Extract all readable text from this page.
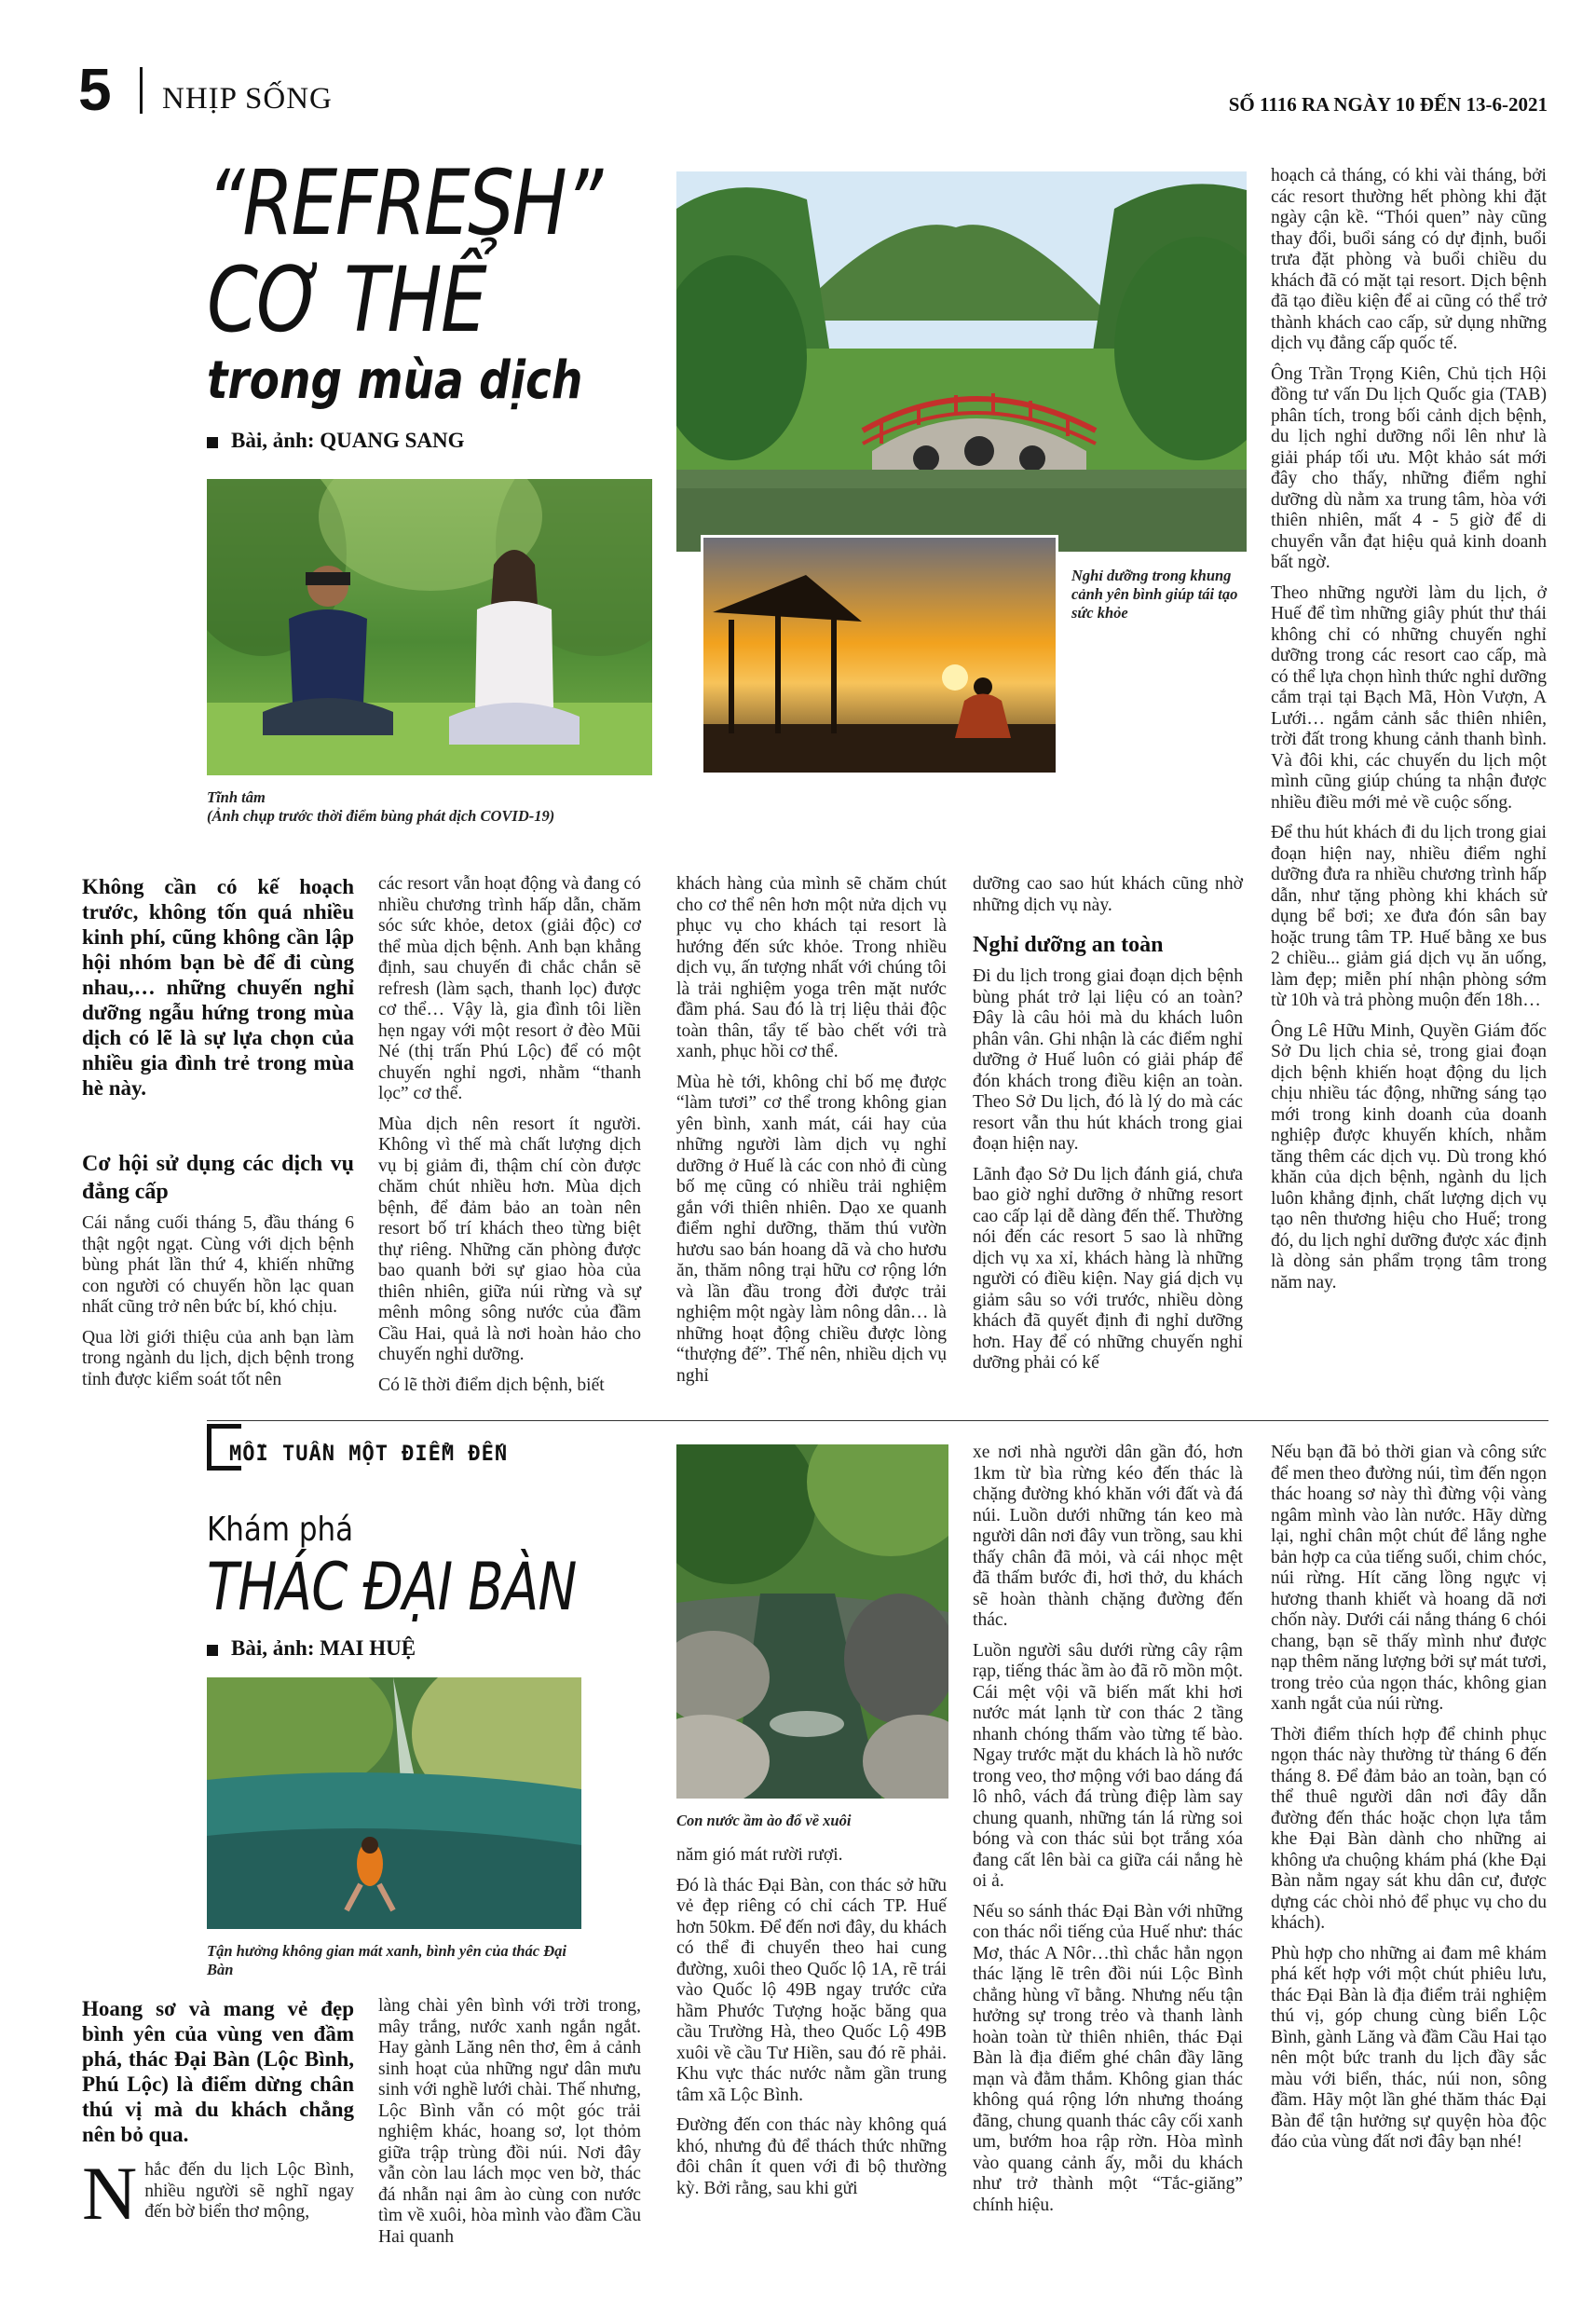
5 NHỊP SỐNG	SỐ 1116 RA NGÀY 10 ĐẾN 13-6-2021
“REFRESH”
CƠ THỂ
trong mùa dịch
Bài, ảnh: QUANG SANG
Tĩnh tâm
(Ảnh chụp trước thời điểm bùng phát dịch COVID-19)
Nghỉ dưỡng trong khung cảnh yên bình giúp tái tạo sức khỏe

hoạch cả tháng, có khi vài tháng, bởi các resort thường hết phòng khi đặt ngày cận kề. “Thói quen” này cũng thay đổi, buổi sáng có dự định, buổi trưa đặt phòng và buổi chiều du khách đã có mặt tại resort. Dịch bệnh đã tạo điều kiện để ai cũng có thể trở thành khách cao cấp, sử dụng những dịch vụ đẳng cấp quốc tế.

Ông Trần Trọng Kiên, Chủ tịch Hội đồng tư vấn Du lịch Quốc gia (TAB) phân tích, trong bối cảnh dịch bệnh, du lịch nghỉ dưỡng nổi lên như là giải pháp tối ưu. Một khảo sát mới đây cho thấy, những điểm nghỉ dưỡng dù nằm xa trung tâm, hòa với thiên nhiên, mất 4 - 5 giờ để di chuyển vẫn đạt hiệu quả kinh doanh bất ngờ.

Theo những người làm du lịch, ở Huế để tìm những giây phút thư thái không chỉ có những chuyến nghỉ dưỡng trong các resort cao cấp, mà có thể lựa chọn hình thức nghỉ dưỡng cắm trại tại Bạch Mã, Hòn Vượn, A Lưới… ngắm cảnh sắc thiên nhiên, trời đất trong khung cảnh thanh bình. Và đôi khi, các chuyến du lịch một mình cũng giúp chúng ta nhận được nhiều điều mới mẻ về cuộc sống.

Để thu hút khách đi du lịch trong giai đoạn hiện nay, nhiều điểm nghỉ dưỡng đưa ra nhiều chương trình hấp dẫn, như tặng phòng khi khách sử dụng bể bơi; xe đưa đón sân bay hoặc trung tâm TP. Huế bằng xe bus 2 chiều... giảm giá dịch vụ ăn uống, làm đẹp; miễn phí nhận phòng sớm từ 10h và trả phòng muộn đến 18h…

Ông Lê Hữu Minh, Quyền Giám đốc Sở Du lịch chia sẻ, trong giai đoạn dịch bệnh khiến hoạt động du lịch chịu nhiều tác động, những sáng tạo mới trong kinh doanh của doanh nghiệp được khuyến khích, nhằm tăng thêm các dịch vụ. Dù trong khó khăn của dịch bệnh, ngành du lịch luôn khẳng định, chất lượng dịch vụ tạo nên thương hiệu cho Huế; trong đó, du lịch nghỉ dưỡng được xác định là dòng sản phẩm trọng tâm trong năm nay.

Không cần có kế hoạch trước, không tốn quá nhiều kinh phí, cũng không cần lập hội nhóm bạn bè để đi cùng nhau,… những chuyến nghỉ dưỡng ngẫu hứng trong mùa dịch có lẽ là sự lựa chọn của nhiều gia đình trẻ trong mùa hè này.
Cơ hội sử dụng các dịch vụ đẳng cấp

Cái nắng cuối tháng 5, đầu tháng 6 thật ngột ngạt. Cùng với dịch bệnh bùng phát lần thứ 4, khiến những con người có chuyến hồn lạc quan nhất cũng trở nên bức bí, khó chịu.

Qua lời giới thiệu của anh bạn làm trong ngành du lịch, dịch bệnh trong tỉnh được kiểm soát tốt nên

các resort vẫn hoạt động và đang có nhiều chương trình hấp dẫn, chăm sóc sức khỏe, detox (giải độc) cơ thể mùa dịch bệnh. Anh bạn khẳng định, sau chuyến đi chắc chắn sẽ refresh (làm sạch, thanh lọc) được cơ thể… Vậy là, gia đình tôi liền hẹn ngay với một resort ở đèo Mũi Né (thị trấn Phú Lộc) để có một chuyến nghỉ ngơi, nhằm “thanh lọc” cơ thể.

Mùa dịch nên resort ít người. Không vì thế mà chất lượng dịch vụ bị giảm đi, thậm chí còn được chăm chút nhiều hơn. Mùa dịch bệnh, để đảm bảo an toàn nên resort bố trí khách theo từng biệt thự riêng. Những căn phòng được bao quanh bởi sự giao hòa của thiên nhiên, giữa núi rừng và sự mênh mông sông nước của đầm Cầu Hai, quả là nơi hoàn hảo cho chuyến nghỉ dưỡng.

Có lẽ thời điểm dịch bệnh, biết

khách hàng của mình sẽ chăm chút cho cơ thể nên hơn một nửa dịch vụ phục vụ cho khách tại resort là hướng đến sức khỏe. Trong nhiều dịch vụ, ấn tượng nhất với chúng tôi là trải nghiệm yoga trên mặt nước đầm phá. Sau đó là trị liệu thải độc toàn thân, tẩy tế bào chết với trà xanh, phục hồi cơ thể.

Mùa hè tới, không chỉ bố mẹ được “làm tươi” cơ thể trong không gian yên bình, xanh mát, cái hay của những người làm dịch vụ nghỉ dưỡng ở Huế là các con nhỏ đi cùng bố mẹ cũng có nhiều trải nghiệm gắn với thiên nhiên. Dạo xe quanh điểm nghỉ dưỡng, thăm thú vườn hươu sao bán hoang dã và cho hươu ăn, thăm nông trại hữu cơ rộng lớn và lần đầu trong đời được trải nghiệm một ngày làm nông dân… là những hoạt động chiều được lòng “thượng đế”. Thế nên, nhiều dịch vụ nghỉ

dưỡng cao sao hút khách cũng nhờ những dịch vụ này.

Nghỉ dưỡng an toàn

Đi du lịch trong giai đoạn dịch bệnh bùng phát trở lại liệu có an toàn? Đây là câu hỏi mà du khách luôn phân vân. Ghi nhận là các điểm nghỉ dưỡng ở Huế luôn có giải pháp để đón khách trong điều kiện an toàn. Theo Sở Du lịch, đó là lý do mà các resort vẫn thu hút khách trong giai đoạn hiện nay.

Lãnh đạo Sở Du lịch đánh giá, chưa bao giờ nghỉ dưỡng ở những resort cao cấp lại dễ dàng đến thế. Thường nói đến các resort 5 sao là những dịch vụ xa xỉ, khách hàng là những người có điều kiện. Nay giá dịch vụ giảm sâu so với trước, nhiều dòng khách đã quyết định đi nghỉ dưỡng hơn. Hay để có những chuyến nghỉ dưỡng phải có kế

MỖI TUẦN MỘT ĐIỂM ĐẾN
Khám phá
THÁC ĐẠI BÀN
Bài, ảnh: MAI HUỆ
Tận hưởng không gian mát xanh, bình yên của thác Đại Bàn
Con nước ầm ào đổ về xuôi
Hoang sơ và mang vẻ đẹp bình yên của vùng ven đầm phá, thác Đại Bàn (Lộc Bình, Phú Lộc) là điểm dừng chân thú vị mà du khách chẳng nên bỏ qua.
Nhắc đến du lịch Lộc Bình, nhiều người sẽ nghĩ ngay đến bờ biển thơ mộng,

làng chài yên bình với trời trong, mây trắng, nước xanh ngắn ngắt. Hay gành Lăng nên thơ, êm ả cảnh sinh hoạt của những ngư dân mưu sinh với nghề lưới chài. Thế nhưng, Lộc Bình vẫn có một góc trải nghiệm khác, hoang sơ, lọt thỏm giữa trập trùng đồi núi. Nơi đây vẫn còn lau lách mọc ven bờ, thác đá nhẫn nại âm ào cùng con nước tìm về xuôi, hòa mình vào đầm Cầu Hai quanh

năm gió mát rười rượi.

Đó là thác Đại Bàn, con thác sở hữu vẻ đẹp riêng có chỉ cách TP. Huế hơn 50km. Để đến nơi đây, du khách có thể đi chuyển theo hai cung đường, xuôi theo Quốc lộ 1A, rẽ trái vào Quốc lộ 49B ngay trước cửa hầm Phước Tượng hoặc băng qua cầu Trường Hà, theo Quốc Lộ 49B xuôi về cầu Tư Hiền, sau đó rẽ phải. Khu vực thác nước nằm gần trung tâm xã Lộc Bình.

Đường đến con thác này không quá khó, nhưng đủ để thách thức những đôi chân ít quen với đi bộ thường kỳ. Bởi rằng, sau khi gửi

xe nơi nhà người dân gần đó, hơn 1km từ bìa rừng kéo đến thác là chặng đường khó khăn với đất và đá núi. Luồn dưới những tán keo mà người dân nơi đây vun trồng, sau khi thấy chân đã mỏi, và cái nhọc mệt đã thấm bước đi, hơi thở, du khách sẽ hoàn thành chặng đường đến thác.

Luồn người sâu dưới rừng cây rậm rạp, tiếng thác ầm ào đã rõ mồn một. Cái mệt vội vã biến mất khi hơi nước mát lạnh từ con thác 2 tầng nhanh chóng thấm vào từng tế bào. Ngay trước mặt du khách là hồ nước trong veo, thơ mộng với bao dáng đá lô nhô, vách đá trùng điệp làm say chung quanh, những tán lá rừng soi bóng và con thác sủi bọt trắng xóa đang cất lên bài ca giữa cái nắng hè oi ả.

Nếu so sánh thác Đại Bàn với những con thác nổi tiếng của Huế như: thác Mơ, thác A Nôr…thì chắc hẳn ngọn thác lặng lẽ trên đồi núi Lộc Bình chẳng hùng vĩ bằng. Nhưng nếu tận hưởng sự trong trẻo và thanh lành hoàn toàn từ thiên nhiên, thác Đại Bàn là địa điểm ghé chân đầy lãng mạn và đằm thắm. Không gian thác không quá rộng lớn nhưng thoáng đãng, chung quanh thác cây cối xanh um, bướm hoa rập rờn. Hòa mình vào quang cảnh ấy, mỗi du khách như trở thành một “Tắc-giăng” chính hiệu.

Nếu bạn đã bỏ thời gian và công sức để men theo đường núi, tìm đến ngọn thác hoang sơ này thì đừng vội vàng ngâm mình vào làn nước. Hãy dừng lại, nghỉ chân một chút để lắng nghe bản hợp ca của tiếng suối, chim chóc, núi rừng. Hít căng lồng ngực vị hương thanh khiết và hoang dã nơi chốn này. Dưới cái nắng tháng 6 chói chang, bạn sẽ thấy mình như được nạp thêm năng lượng bởi sự mát tươi, trong trẻo của ngọn thác, không gian xanh ngắt của núi rừng.

Thời điểm thích hợp để chinh phục ngọn thác này thường từ tháng 6 đến tháng 8. Để đảm bảo an toàn, bạn có thể thuê người dân nơi đây dẫn đường đến thác hoặc chọn lựa tắm khe Đại Bàn dành cho những ai không ưa chuộng khám phá (khe Đại Bàn nằm ngay sát khu dân cư, được dựng các chòi nhỏ để phục vụ cho du khách).

Phù hợp cho những ai đam mê khám phá kết hợp với một chút phiêu lưu, thác Đại Bàn là địa điểm trải nghiệm thú vị, góp chung cùng biển Lộc Bình, gành Lăng và đầm Cầu Hai tạo nên một bức tranh du lịch đầy sắc màu với biển, thác, núi non, sông đầm. Hãy một lần ghé thăm thác Đại Bàn để tận hưởng sự quyện hòa độc đáo của vùng đất nơi đây bạn nhé!
